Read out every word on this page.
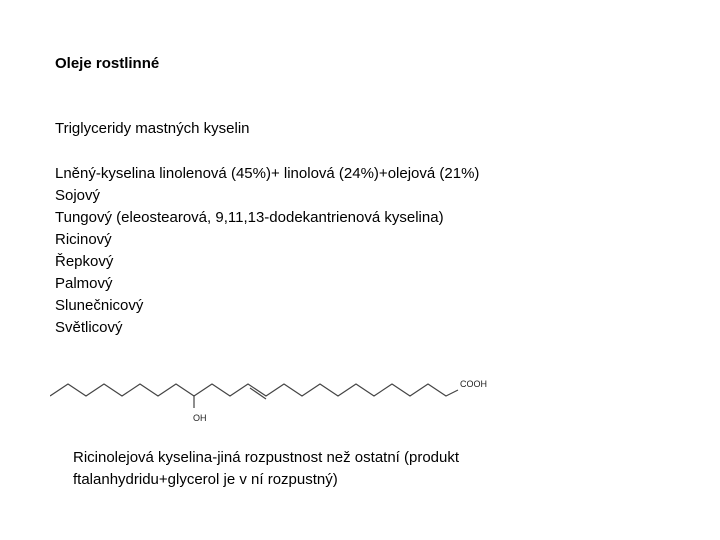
Oleje rostlinné
Triglyceridy mastných kyselin
Lněný-kyselina linolenová (45%)+ linolová (24%)+olejová (21%)
Sojový
Tungový (eleostearová, 9,11,13-dodekantrienová kyselina)
Ricinový
Řepkový
Palmový
Slunečnicový
Světlicový
OH
COOH
Ricinolejová kyselina-jiná rozpustnost než ostatní (produkt ftalanhydridu+glycerol je v ní rozpustný)
